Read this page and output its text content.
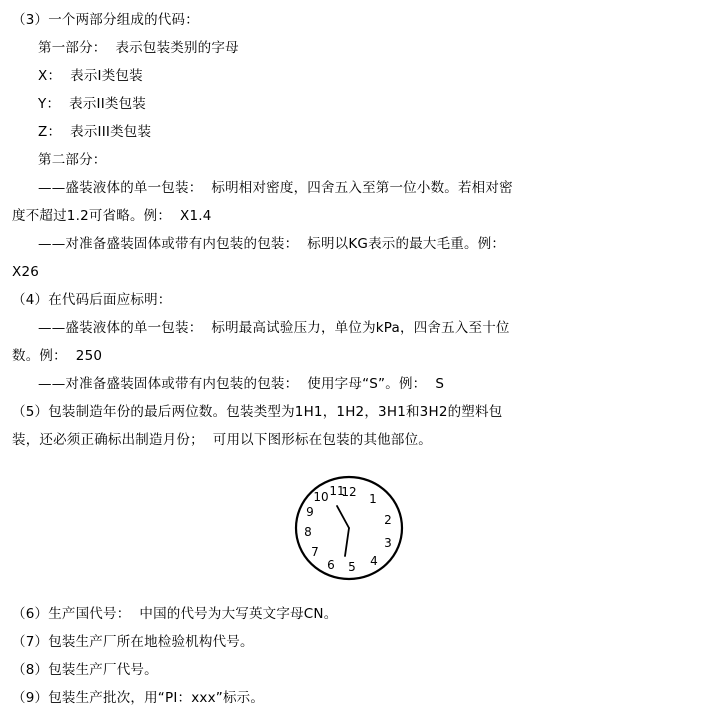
（3）一个两部分组成的代码：
第一部分：  表示包装类别的字母
X：  表示I类包装
Y：  表示II类包装
Z：  表示III类包装
第二部分：
——盛装液体的单一包装：  标明相对密度，四舍五入至第一位小数。若相对密
度不超过1.2可省略。例：  X1.4
——对准备盛装固体或带有内包装的包装：  标明以KG表示的最大毛重。例：
X26
（4）在代码后面应标明：
——盛装液体的单一包装：  标明最高试验压力，单位为kPa，四舍五入至十位
数。例：  250
——对准备盛装固体或带有内包装的包装：  使用字母“S”。例：  S
（5）包装制造年份的最后两位数。包装类型为1H1，1H2，3H1和3H2的塑料包
装，还必须正确标出制造月份；  可用以下图形标在包装的其他部位。
12 1
2
3
4
5
6
7
8
9
10 11
（6）生产国代号：  中国的代号为大写英文字母CN。
（7）包装生产厂所在地检验机构代号。
（8）包装生产厂代号。
（9）包装生产批次，用“PI：xxx”标示。
